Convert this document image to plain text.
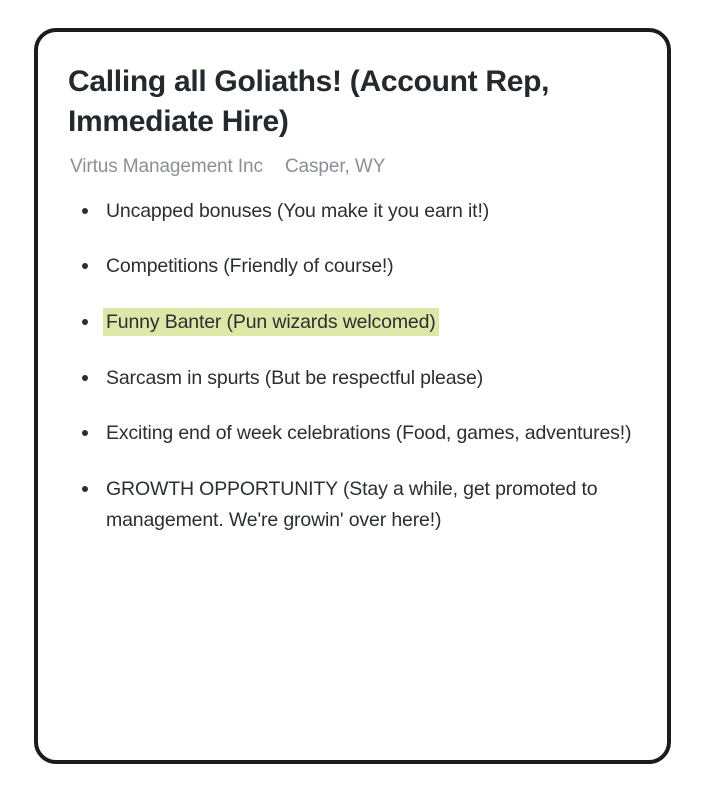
Calling all Goliaths! (Account Rep, Immediate Hire)
Virtus Management Inc Casper, WY
Uncapped bonuses (You make it you earn it!)
Competitions (Friendly of course!)
Funny Banter (Pun wizards welcomed)
Sarcasm in spurts (But be respectful please)
Exciting end of week celebrations (Food, games, adventures!)
GROWTH OPPORTUNITY (Stay a while, get promoted to management. We're growin' over here!)
